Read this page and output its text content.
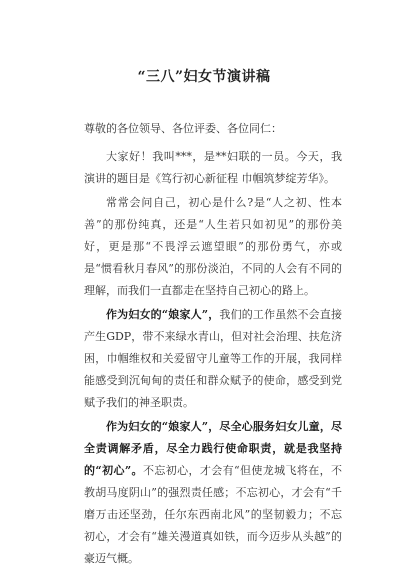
“三八”妇女节演讲稿

尊敬的各位领导、各位评委、各位同仁：

大家好！我叫***，是**妇联的一员。今天，我演讲的题目是《笃行初心新征程 巾帼筑梦绽芳华》。

常常会问自己，初心是什么?是“人之初、性本善”的那份纯真，还是“人生若只如初见”的那份美好，更是那“不畏浮云遮望眼”的那份勇气，亦或是“惯看秋月春风”的那份淡泊，不同的人会有不同的理解，而我们一直都走在坚持自己初心的路上。

作为妇女的“娘家人”，我们的工作虽然不会直接产生GDP，带不来绿水青山，但对社会治理、扶危济困，巾帼维权和关爱留守儿童等工作的开展，我同样能感受到沉甸甸的责任和群众赋予的使命，感受到党赋予我们的神圣职责。

作为妇女的“娘家人”，尽全心服务妇女儿童，尽全责调解矛盾，尽全力践行使命职责，就是我坚持的“初心”。不忘初心，才会有“但使龙城飞将在，不教胡马度阴山”的强烈责任感；不忘初心，才会有“千磨万击还坚劲，任尔东西南北风”的坚韧毅力；不忘初心，才会有“雄关漫道真如铁，而今迈步从头越”的豪迈气概。
